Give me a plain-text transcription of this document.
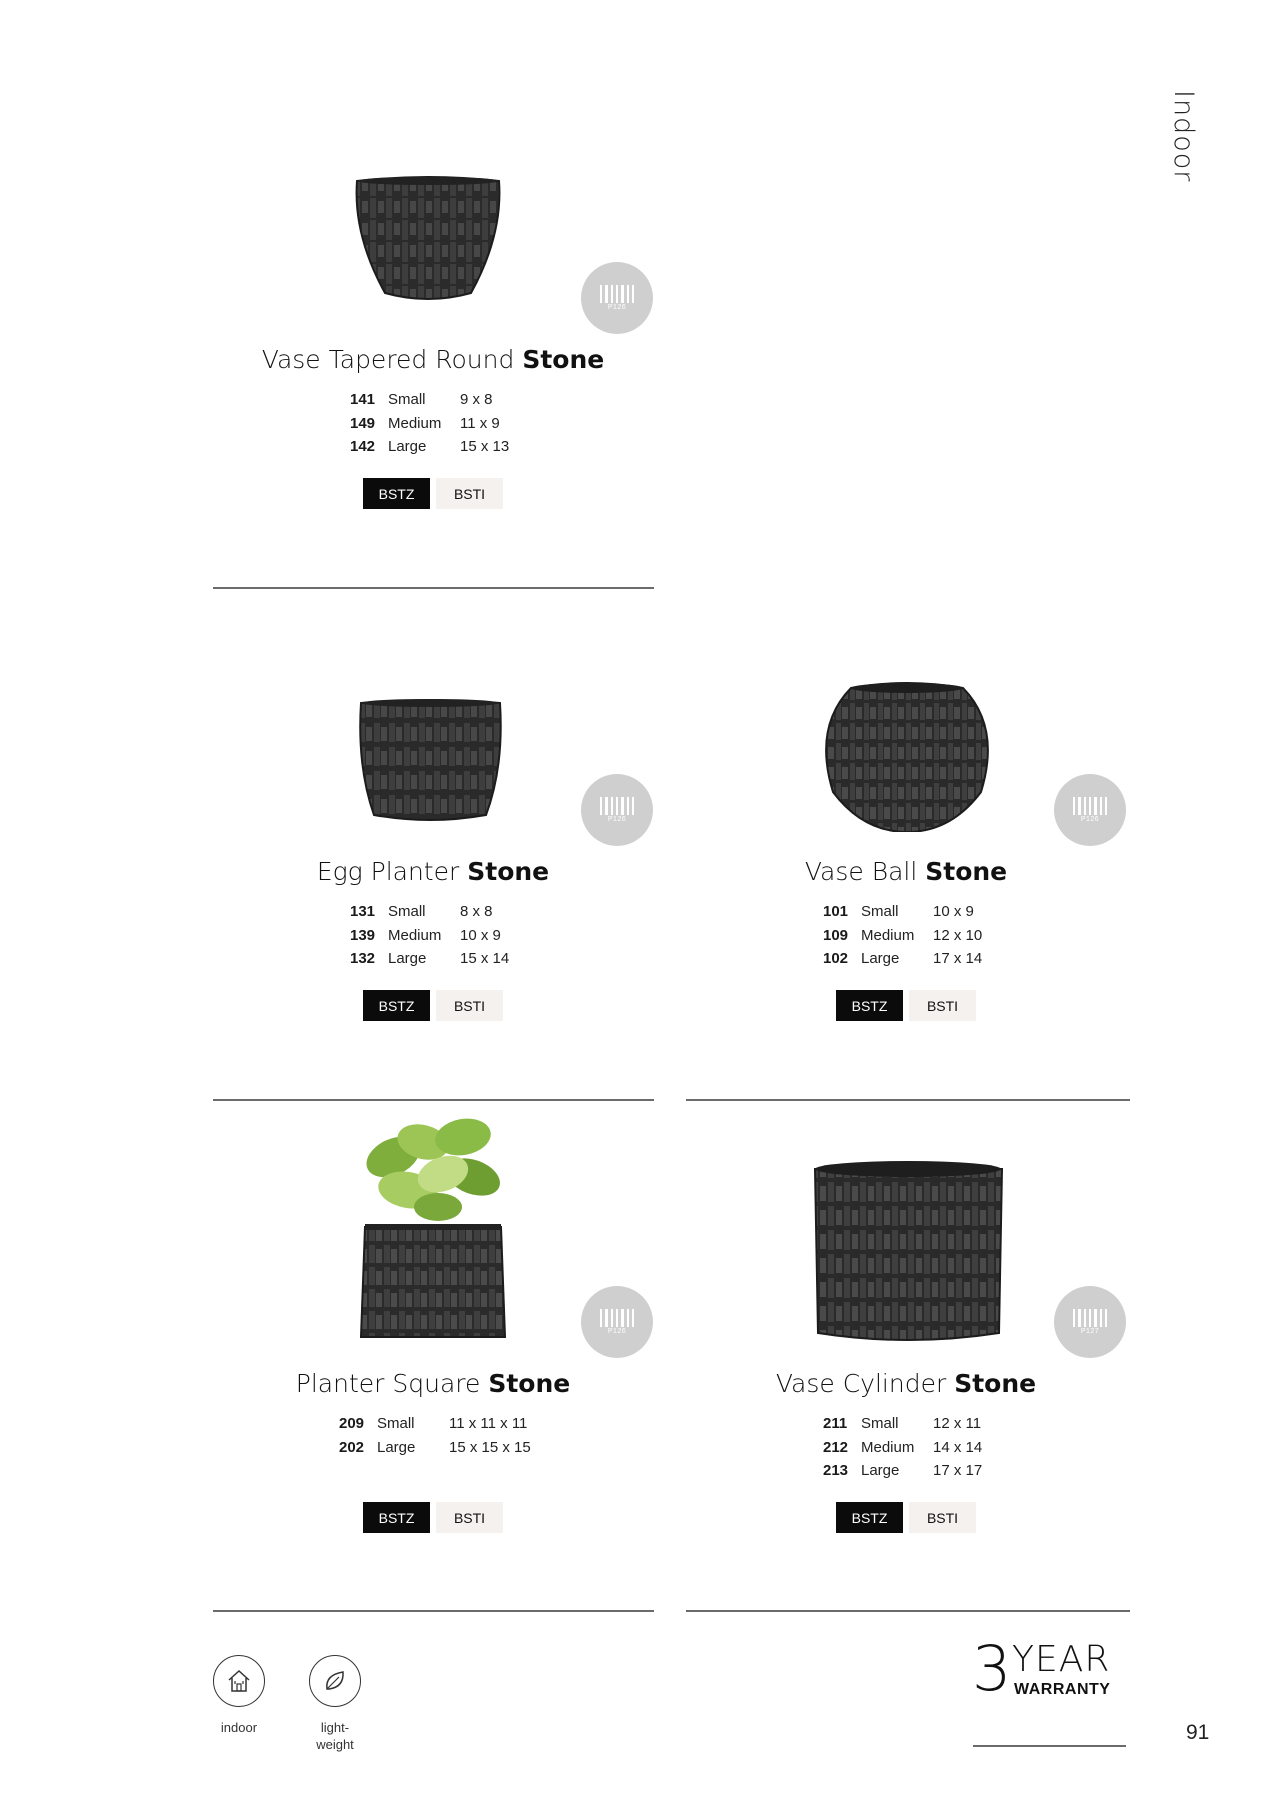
Indoor
P126
Vase Tapered Round Stone
141 Small	9 x 8
149 Medium	11 x 9
142 Large	15 x 13
BSTZ	BSTI
P126
Egg Planter Stone
131 Small	8 x 8
139 Medium	10 x 9
132 Large	15 x 14
BSTZ	BSTI
P126
Vase Ball Stone
101 Small	10 x 9
109 Medium	12 x 10
102 Large	17 x 14
BSTZ	BSTI
P126
Planter Square Stone
209 Small	11 x 11 x 11
202 Large	15 x 15 x 15
BSTZ	BSTI
P127
Vase Cylinder Stone
211 Small	12 x 11
212 Medium	14 x 14
213 Large	17 x 17
BSTZ	BSTI
indoor	light-
weight
3 YEAR
WARRANTY
91
